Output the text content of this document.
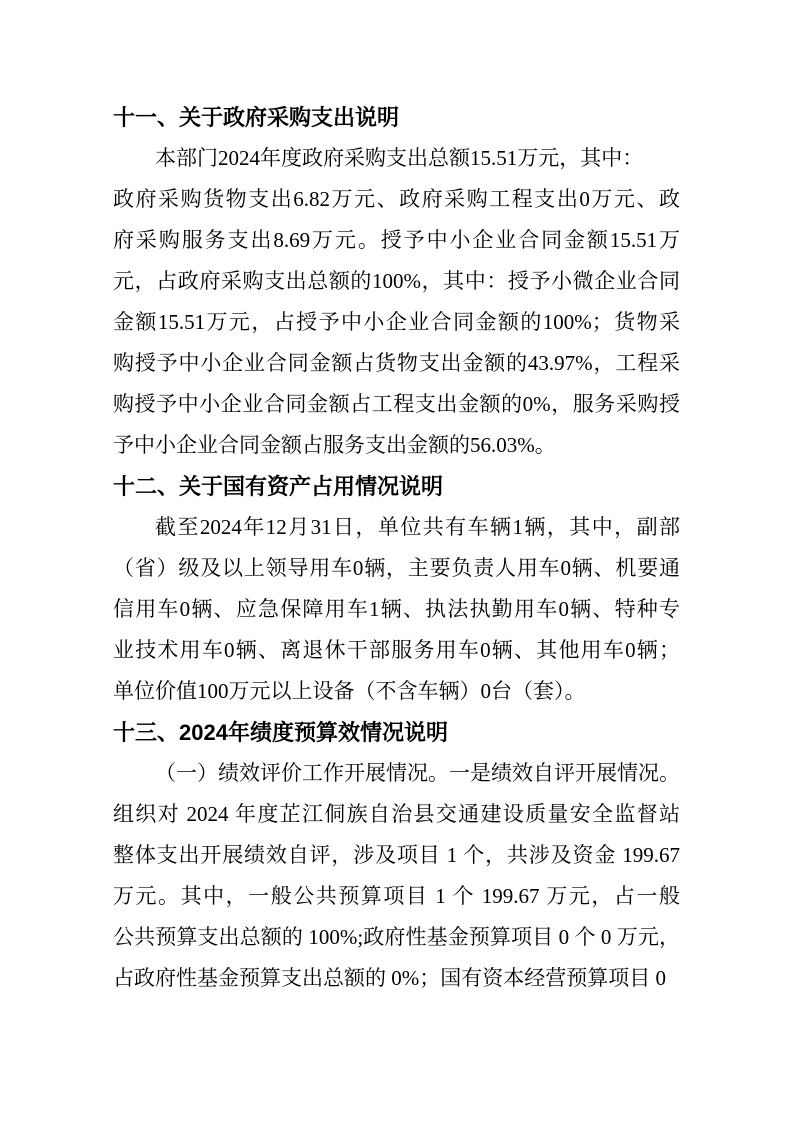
十一、关于政府采购支出说明
本部门2024年度政府采购支出总额15.51万元，其中：
政府采购货物支出6.82万元、政府采购工程支出0万元、政
府采购服务支出8.69万元。授予中小企业合同金额15.51万
元，占政府采购支出总额的100%，其中：授予小微企业合同
金额15.51万元，占授予中小企业合同金额的100%；货物采
购授予中小企业合同金额占货物支出金额的43.97%，工程采
购授予中小企业合同金额占工程支出金额的0%，服务采购授
予中小企业合同金额占服务支出金额的56.03%。
十二、关于国有资产占用情况说明
截至2024年12月31日，单位共有车辆1辆，其中，副部
（省）级及以上领导用车0辆，主要负责人用车0辆、机要通
信用车0辆、应急保障用车1辆、执法执勤用车0辆、特种专
业技术用车0辆、离退休干部服务用车0辆、其他用车0辆；
单位价值100万元以上设备（不含车辆）0台（套）。
十三、2024年绩度预算效情况说明
（一）绩效评价工作开展情况。一是绩效自评开展情况。
组织对 2024 年度芷江侗族自治县交通建设质量安全监督站
整体支出开展绩效自评，涉及项目 1 个，共涉及资金 199.67
万元。其中，一般公共预算项目 1 个 199.67 万元，占一般
公共预算支出总额的 100%;政府性基金预算项目 0 个 0 万元，
占政府性基金预算支出总额的 0%；国有资本经营预算项目 0
